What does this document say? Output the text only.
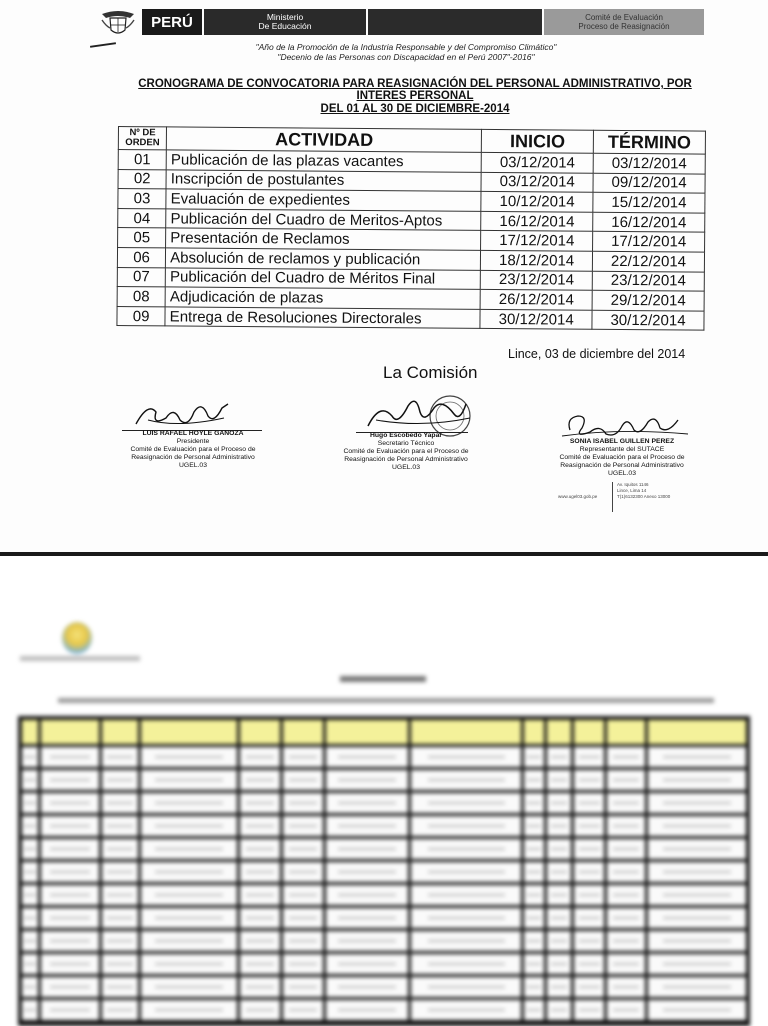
PERÚ	Ministerio
De Educación
Comité de Evaluación
Proceso de Reasignación
"Año de la Promoción de la Industria Responsable y del Compromiso Climático"
"Decenio de las Personas con Discapacidad en el Perú 2007"-2016"
CRONOGRAMA DE CONVOCATORIA PARA REASIGNACIÓN DEL PERSONAL ADMINISTRATIVO, POR
INTERES PERSONAL
DEL 01 AL 30 DE DICIEMBRE-2014
Nº DE ORDEN	ACTIVIDAD	INICIO	TÉRMINO
01	Publicación de las plazas vacantes	03/12/2014	03/12/2014
02	Inscripción de postulantes	03/12/2014	09/12/2014
03	Evaluación de expedientes	10/12/2014	15/12/2014
04	Publicación del Cuadro de Meritos-Aptos	16/12/2014	16/12/2014
05	Presentación de Reclamos	17/12/2014	17/12/2014
06	Absolución de reclamos y publicación	18/12/2014	22/12/2014
07	Publicación del Cuadro de Méritos Final	23/12/2014	23/12/2014
08	Adjudicación de plazas	26/12/2014	29/12/2014
09	Entrega de Resoluciones Directorales	30/12/2014	30/12/2014
Lince, 03 de diciembre del 2014
La Comisión
LUIS RAFAEL HOYLE GANOZA
Presidente
Comité de Evaluación para el Proceso de
Reasignación de Personal Administrativo
UGEL.03
Hugo Escobedo Yapar
Secretario Técnico
Comité de Evaluación para el Proceso de
Reasignación de Personal Administrativo
UGEL.03
SONIA ISABEL GUILLEN PEREZ
Representante del SUTACE
Comité de Evaluación para el Proceso de
Reasignación de Personal Administrativo
UGEL.03
www.ugel03.gob.pe
Av. Iquitos 1146
Lince, Lima 14
T(1)6132300 Anexo 13000
